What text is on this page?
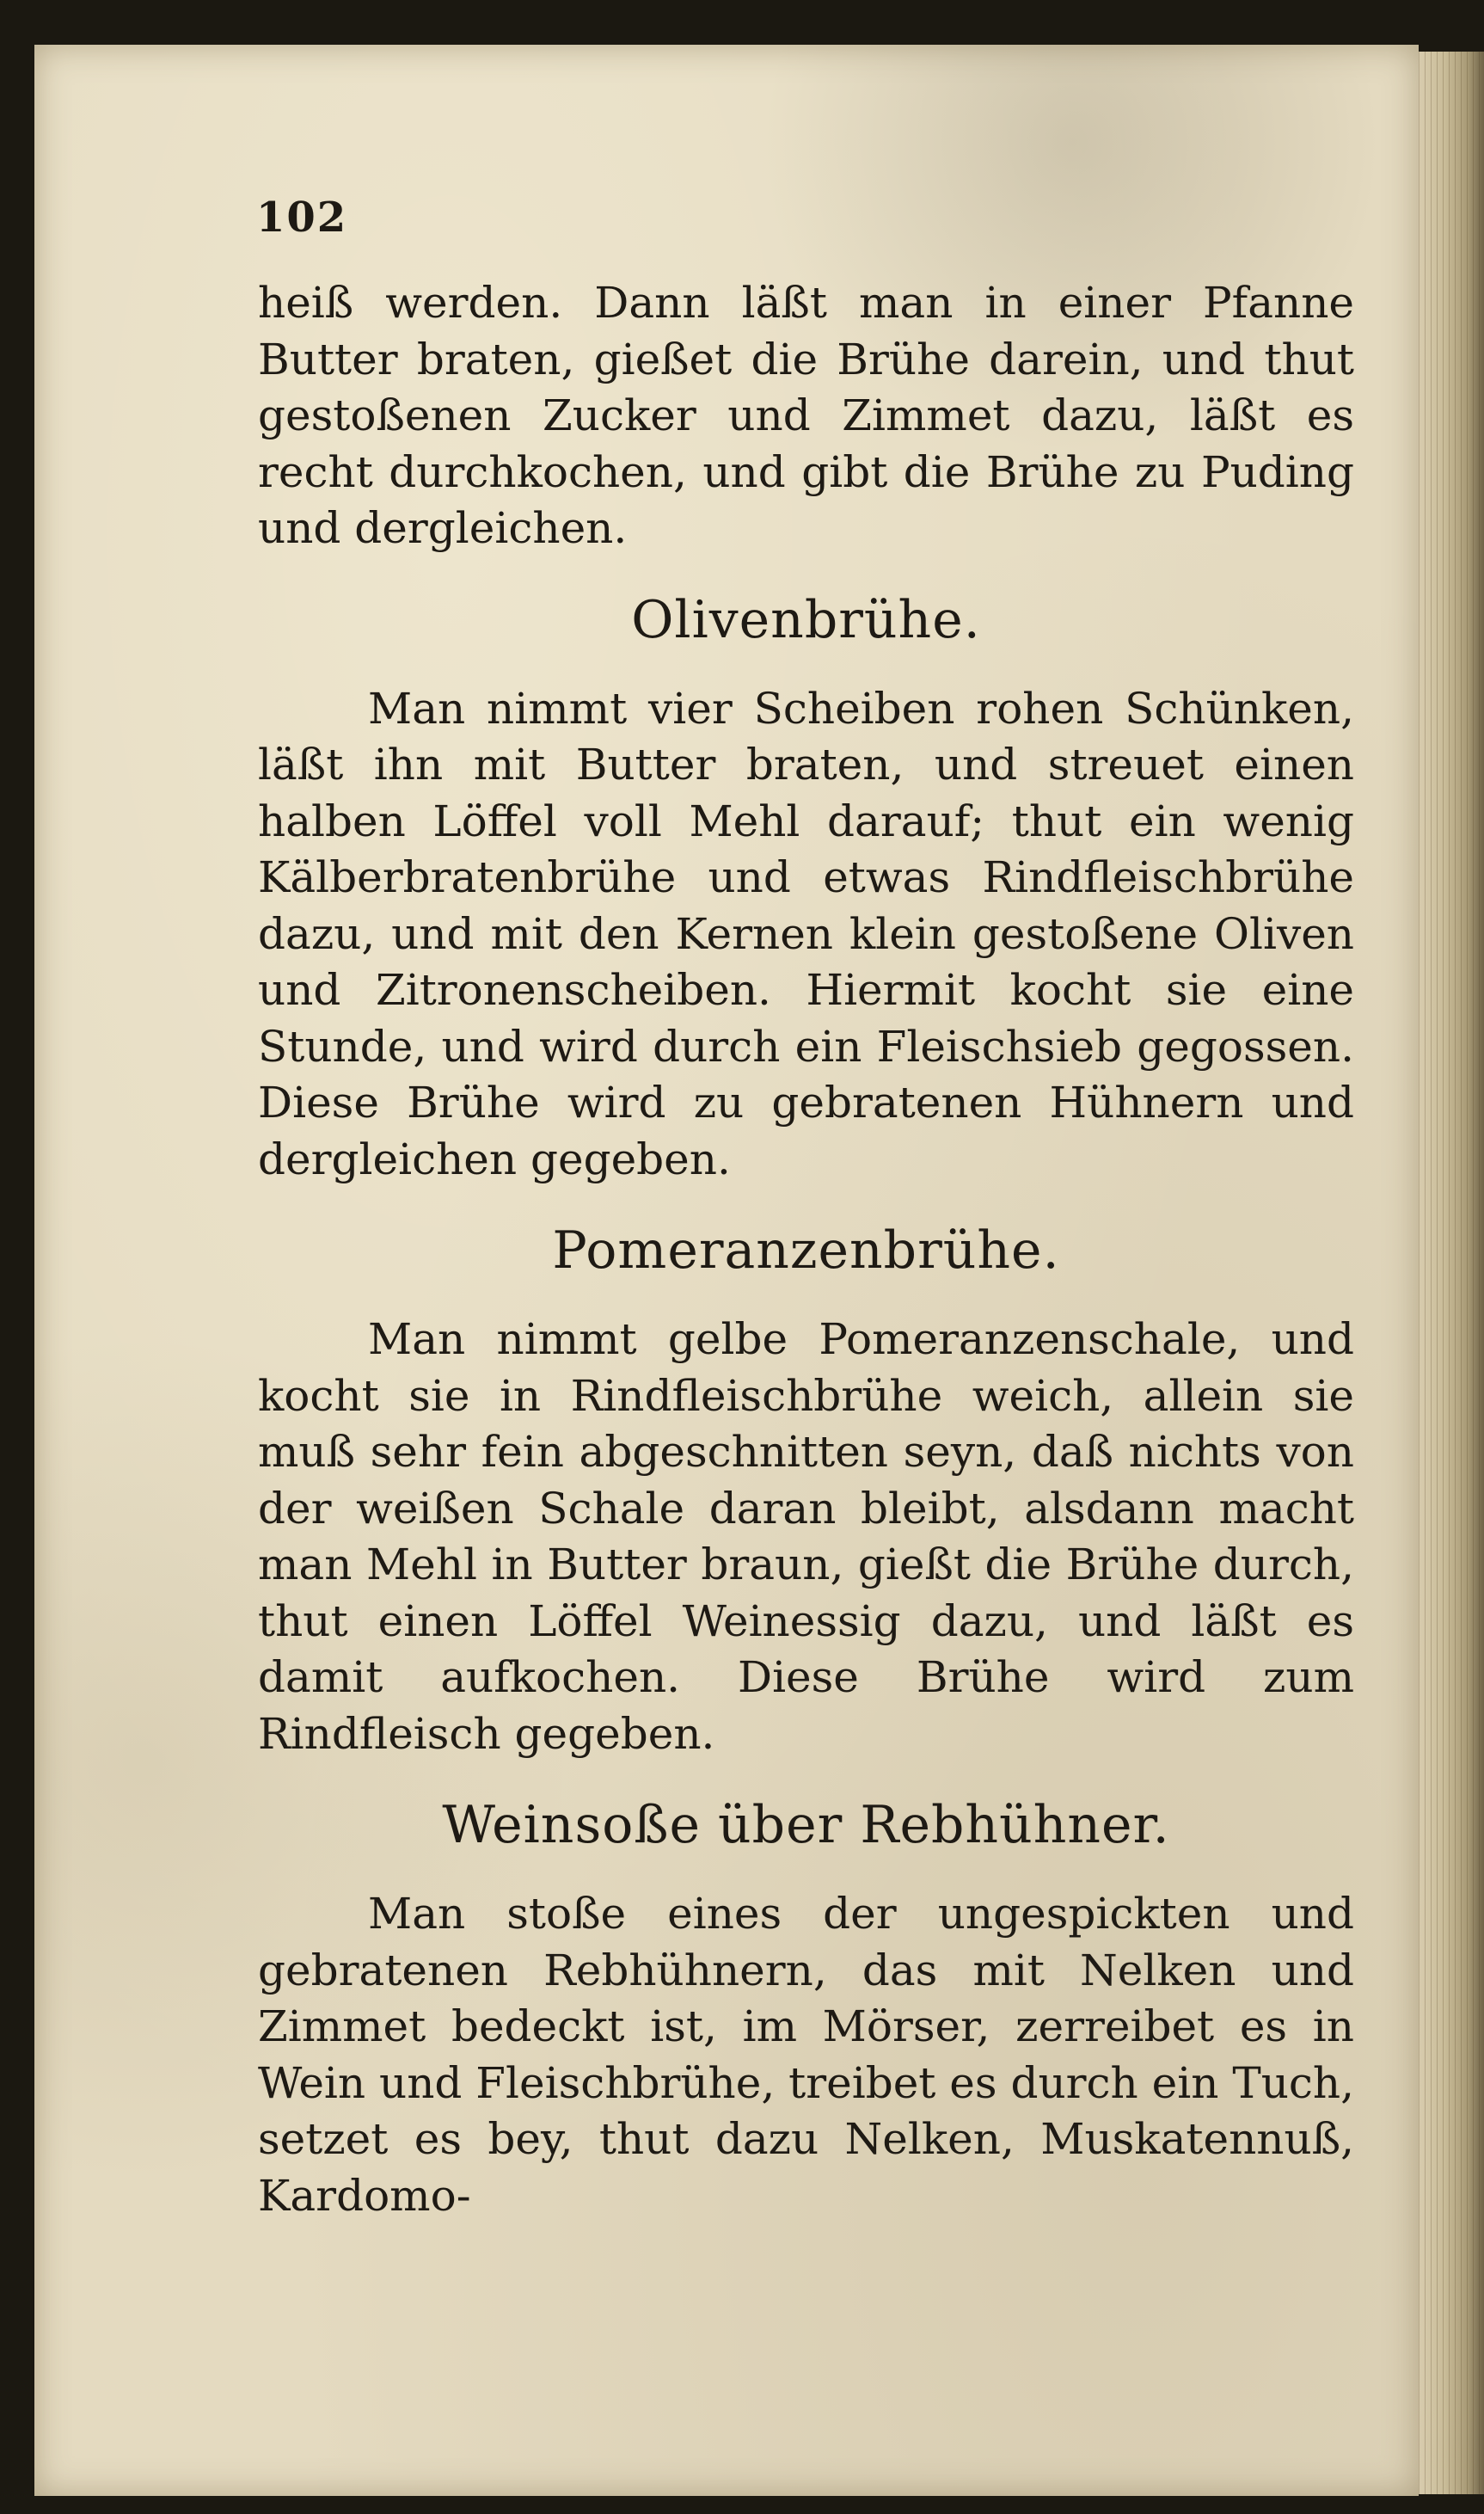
102

heiß werden. Dann läßt man in einer Pfanne Butter braten, gießet die Brühe darein, und thut gestoßenen Zucker und Zimmet dazu, läßt es recht durchkochen, und gibt die Brühe zu Puding und dergleichen.

Olivenbrühe.

Man nimmt vier Scheiben rohen Schünken, läßt ihn mit Butter braten, und streuet einen halben Löffel voll Mehl darauf; thut ein wenig Kälberbratenbrühe und etwas Rindfleischbrühe dazu, und mit den Kernen klein gestoßene Oliven und Zitronenscheiben. Hiermit kocht sie eine Stunde, und wird durch ein Fleischsieb gegossen. Diese Brühe wird zu gebratenen Hühnern und dergleichen gegeben.

Pomeranzenbrühe.

Man nimmt gelbe Pomeranzenschale, und kocht sie in Rindfleischbrühe weich, allein sie muß sehr fein abgeschnitten seyn, daß nichts von der weißen Schale daran bleibt, alsdann macht man Mehl in Butter braun, gießt die Brühe durch, thut einen Löffel Weinessig dazu, und läßt es damit aufkochen. Diese Brühe wird zum Rindfleisch gegeben.

Weinsoße über Rebhühner.

Man stoße eines der ungespickten und gebratenen Rebhühnern, das mit Nelken und Zimmet bedeckt ist, im Mörser, zerreibet es in Wein und Fleischbrühe, treibet es durch ein Tuch, setzet es bey, thut dazu Nelken, Muskatennuß, Kardomo-
